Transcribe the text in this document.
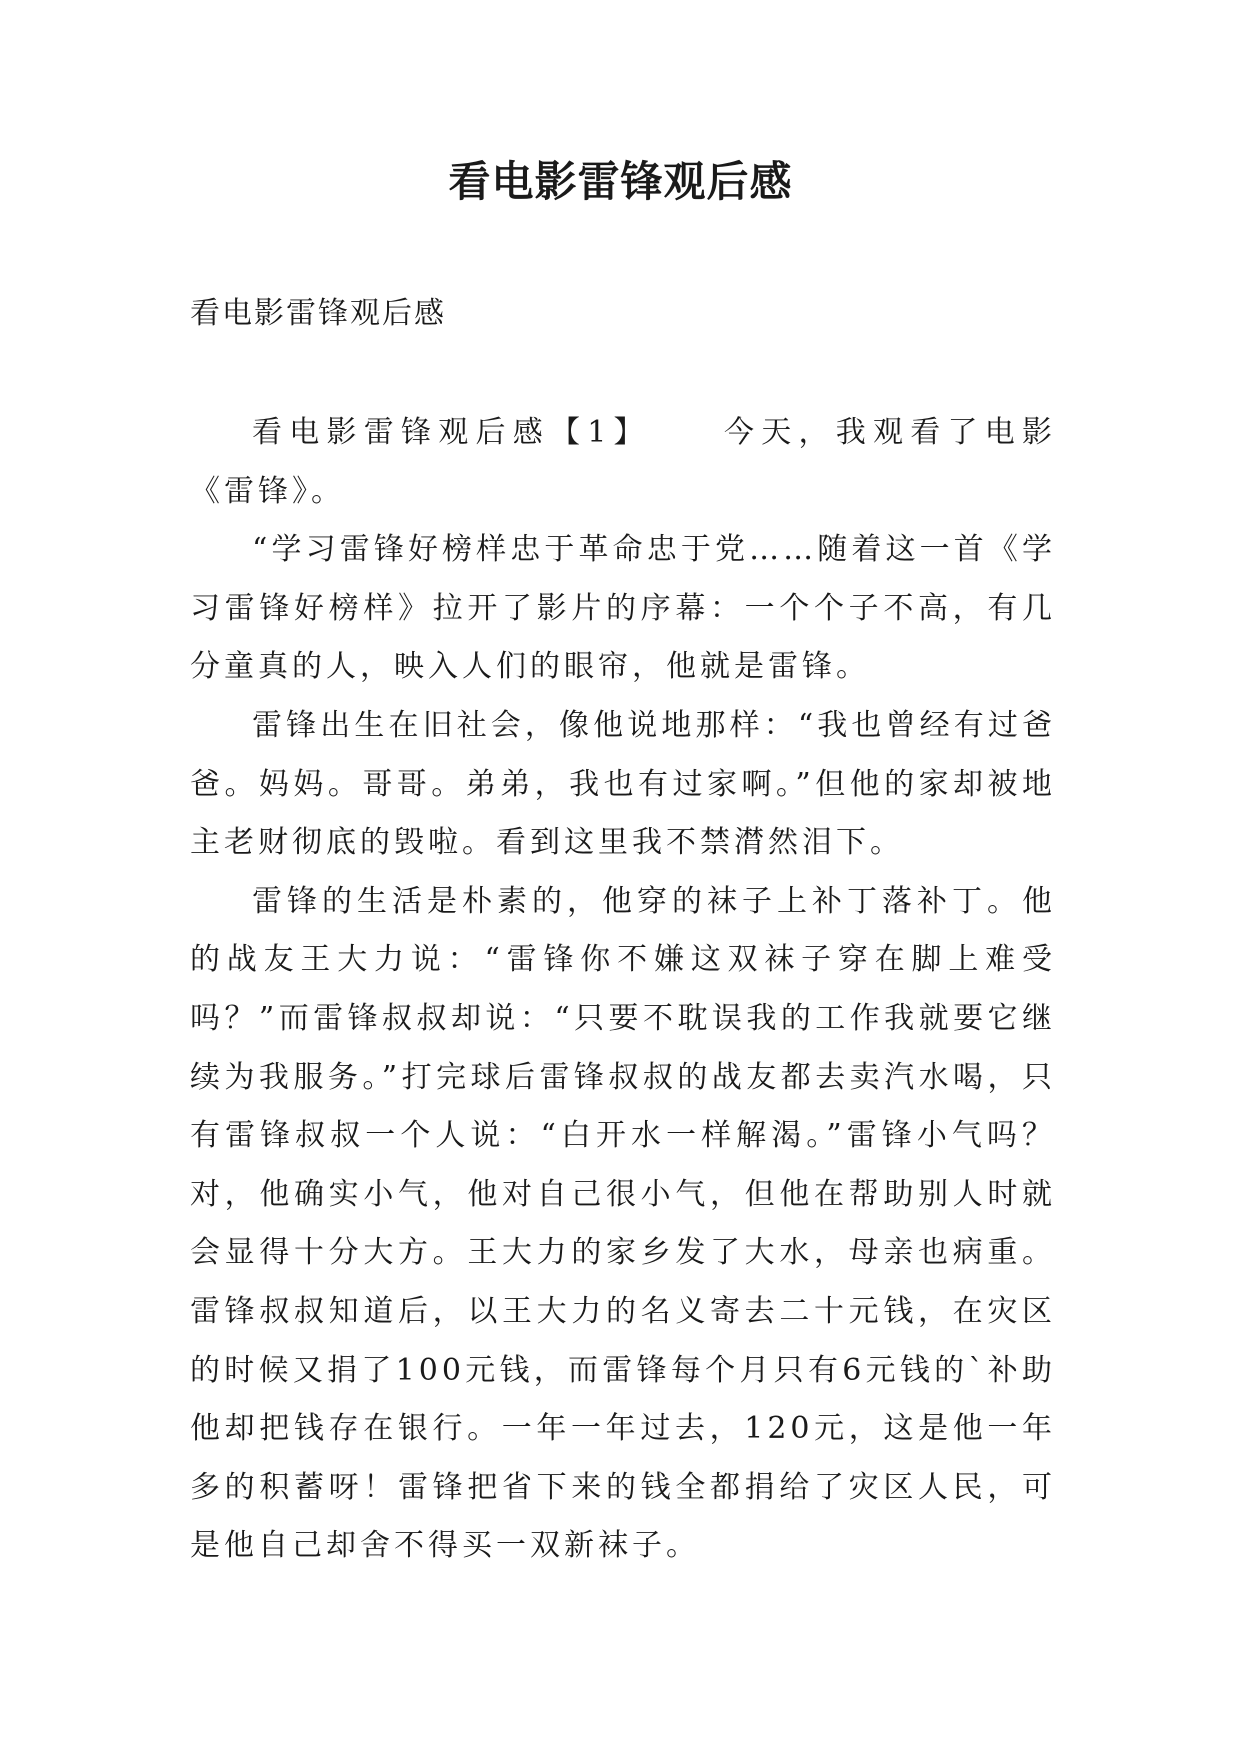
看电影雷锋观后感
看电影雷锋观后感

看电影雷锋观后感【1】 今天，我观看了电影《雷锋》。

“学习雷锋好榜样忠于革命忠于党……随着这一首《学习雷锋好榜样》拉开了影片的序幕：一个个子不高，有几分童真的人，映入人们的眼帘，他就是雷锋。

雷锋出生在旧社会，像他说地那样：“我也曾经有过爸爸。妈妈。哥哥。弟弟，我也有过家啊。”但他的家却被地主老财彻底的毁啦。看到这里我不禁潸然泪下。

雷锋的生活是朴素的，他穿的袜子上补丁落补丁。他的战友王大力说：“雷锋你不嫌这双袜子穿在脚上难受吗？”而雷锋叔叔却说：“只要不耽误我的工作我就要它继续为我服务。”打完球后雷锋叔叔的战友都去卖汽水喝，只有雷锋叔叔一个人说：“白开水一样解渴。”雷锋小气吗？对，他确实小气，他对自己很小气，但他在帮助别人时就会显得十分大方。王大力的家乡发了大水，母亲也病重。雷锋叔叔知道后，以王大力的名义寄去二十元钱，在灾区的时候又捐了100元钱，而雷锋每个月只有6元钱的`补助他却把钱存在银行。一年一年过去，120元，这是他一年多的积蓄呀！雷锋把省下来的钱全都捐给了灾区人民，可是他自己却舍不得买一双新袜子。
